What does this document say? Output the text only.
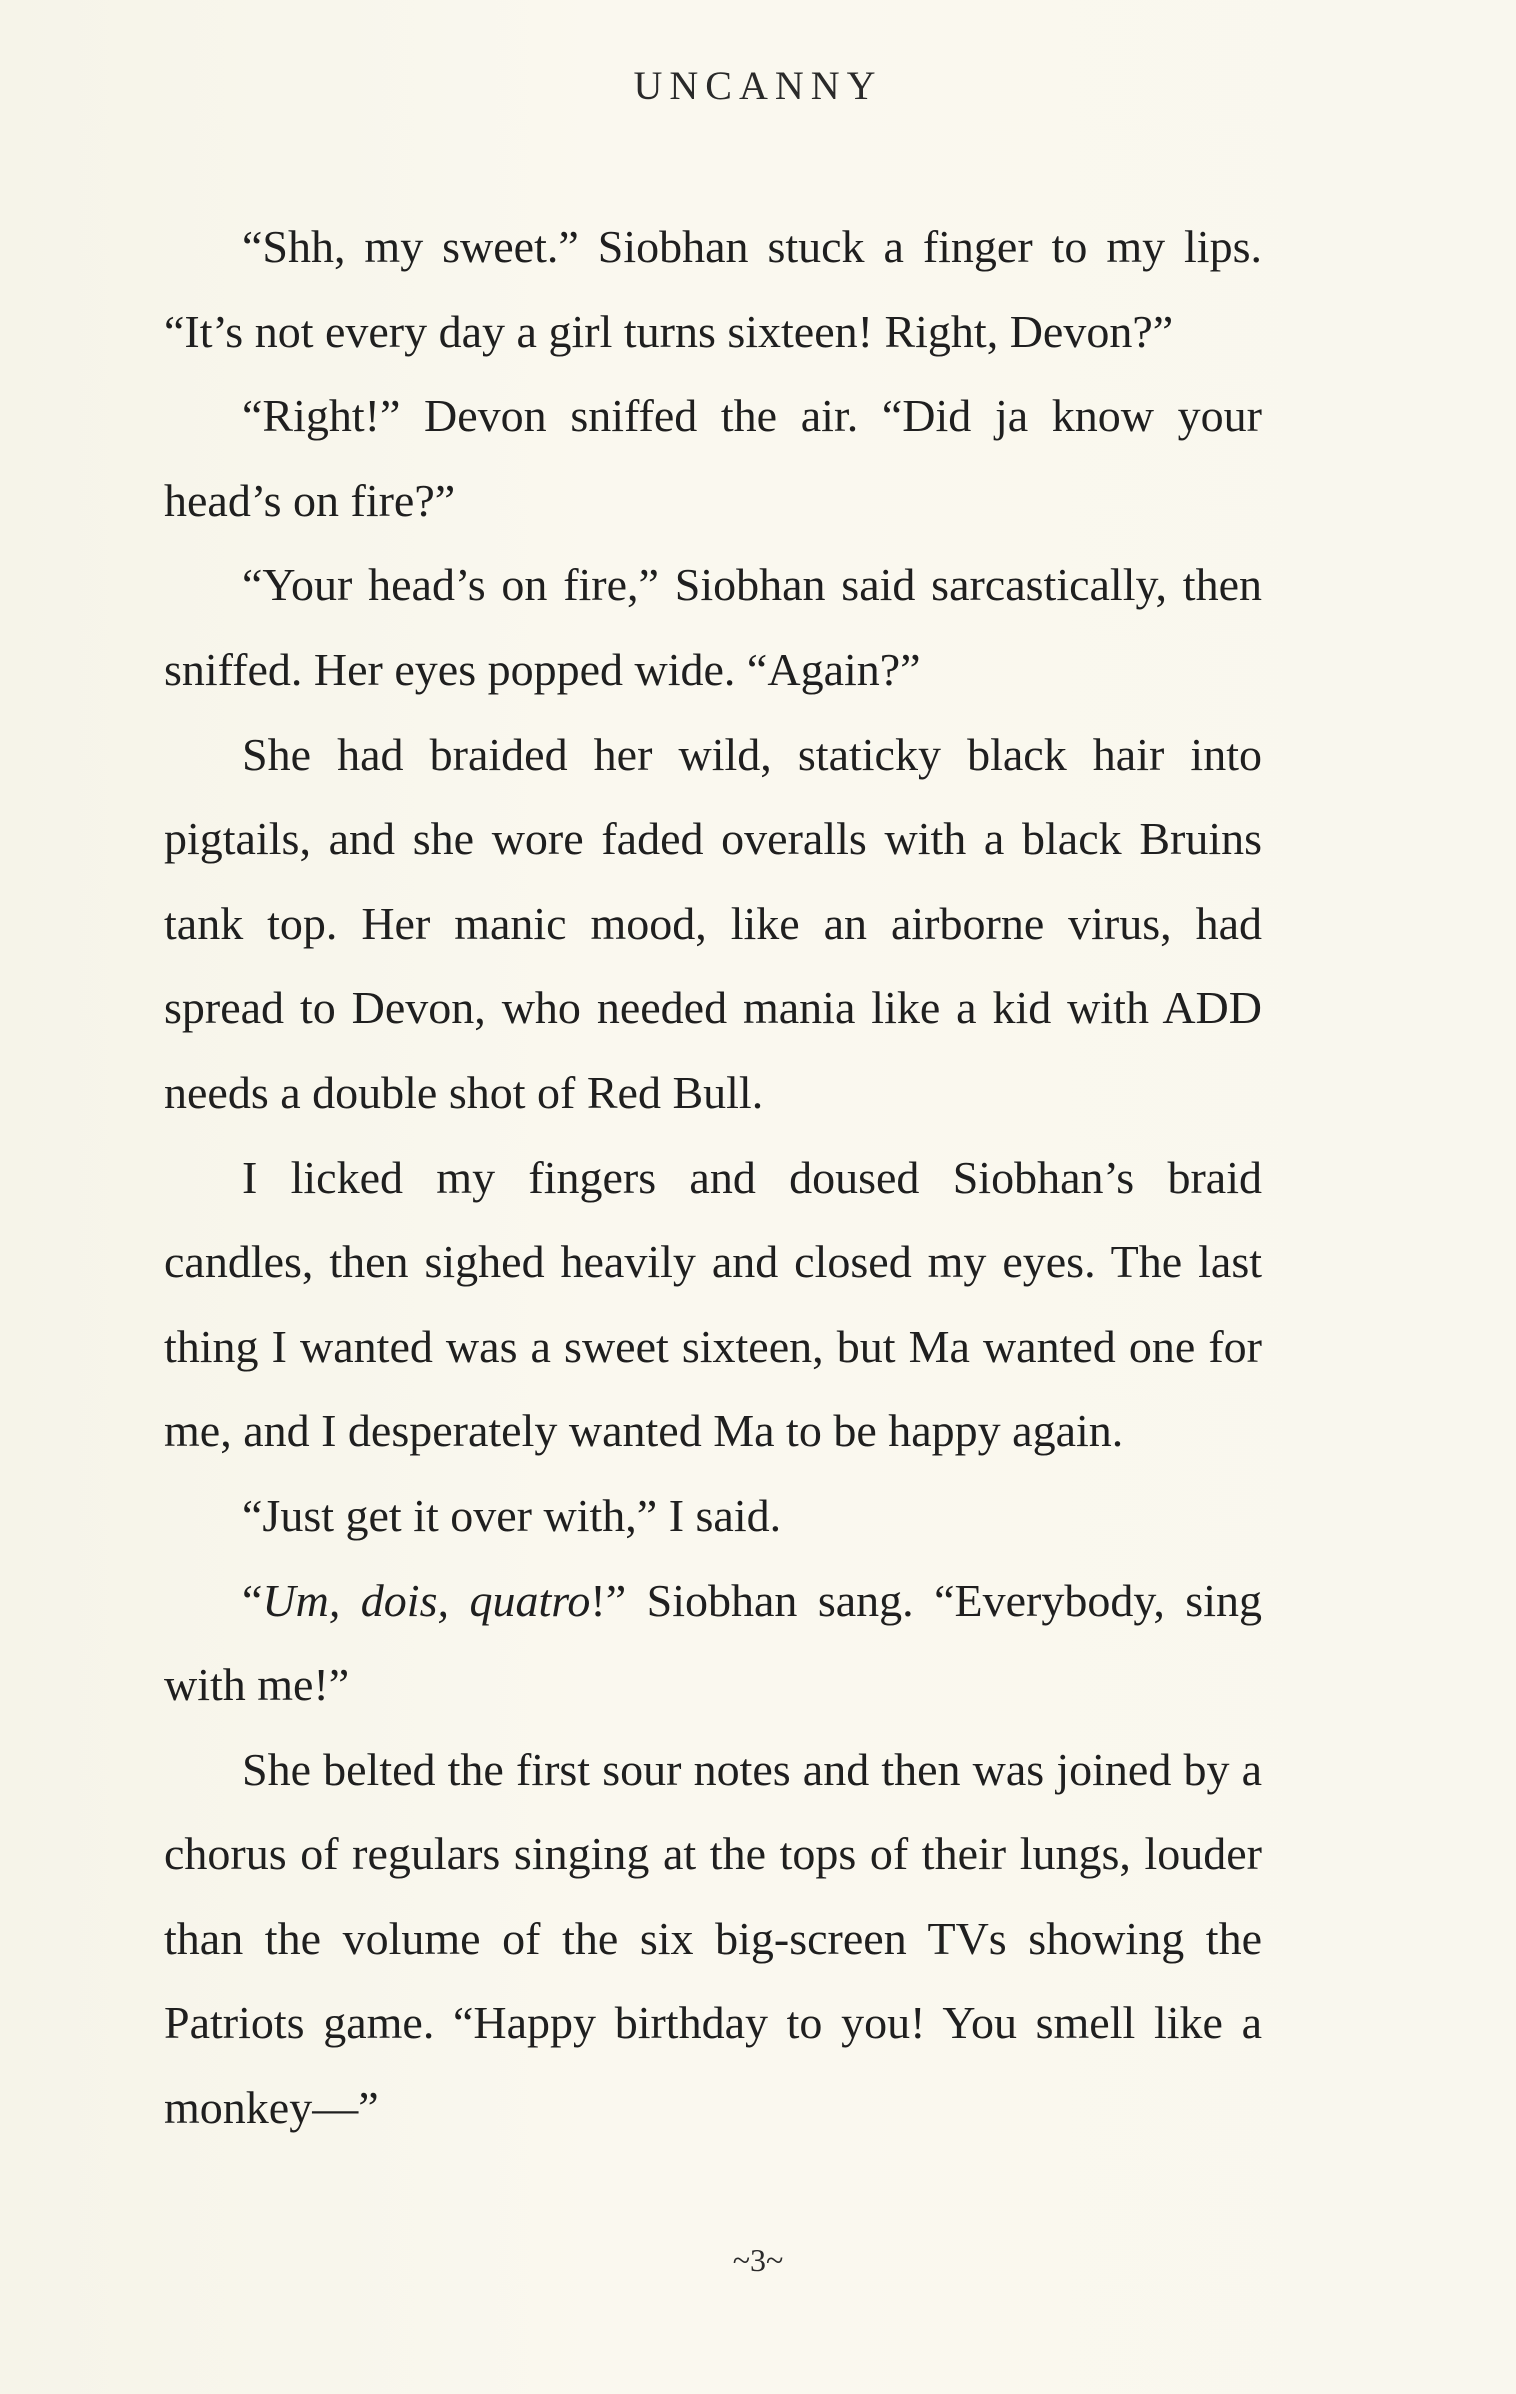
UNCANNY

“Shh, my sweet.” Siobhan stuck a finger to my lips. “It’s not every day a girl turns sixteen! Right, Devon?”

“Right!” Devon sniffed the air. “Did ja know your head’s on fire?”

“Your head’s on fire,” Siobhan said sarcastically, then sniffed. Her eyes popped wide. “Again?”

She had braided her wild, staticky black hair into pigtails, and she wore faded overalls with a black Bruins tank top. Her manic mood, like an airborne virus, had spread to Devon, who needed mania like a kid with ADD needs a double shot of Red Bull.

I licked my fingers and doused Siobhan’s braid candles, then sighed heavily and closed my eyes. The last thing I wanted was a sweet sixteen, but Ma wanted one for me, and I desperately wanted Ma to be happy again.

“Just get it over with,” I said.

“Um, dois, quatro!” Siobhan sang. “Everybody, sing with me!”

She belted the first sour notes and then was joined by a chorus of regulars singing at the tops of their lungs, louder than the volume of the six big-screen TVs showing the Patriots game. “Happy birthday to you! You smell like a monkey—”

~3~
